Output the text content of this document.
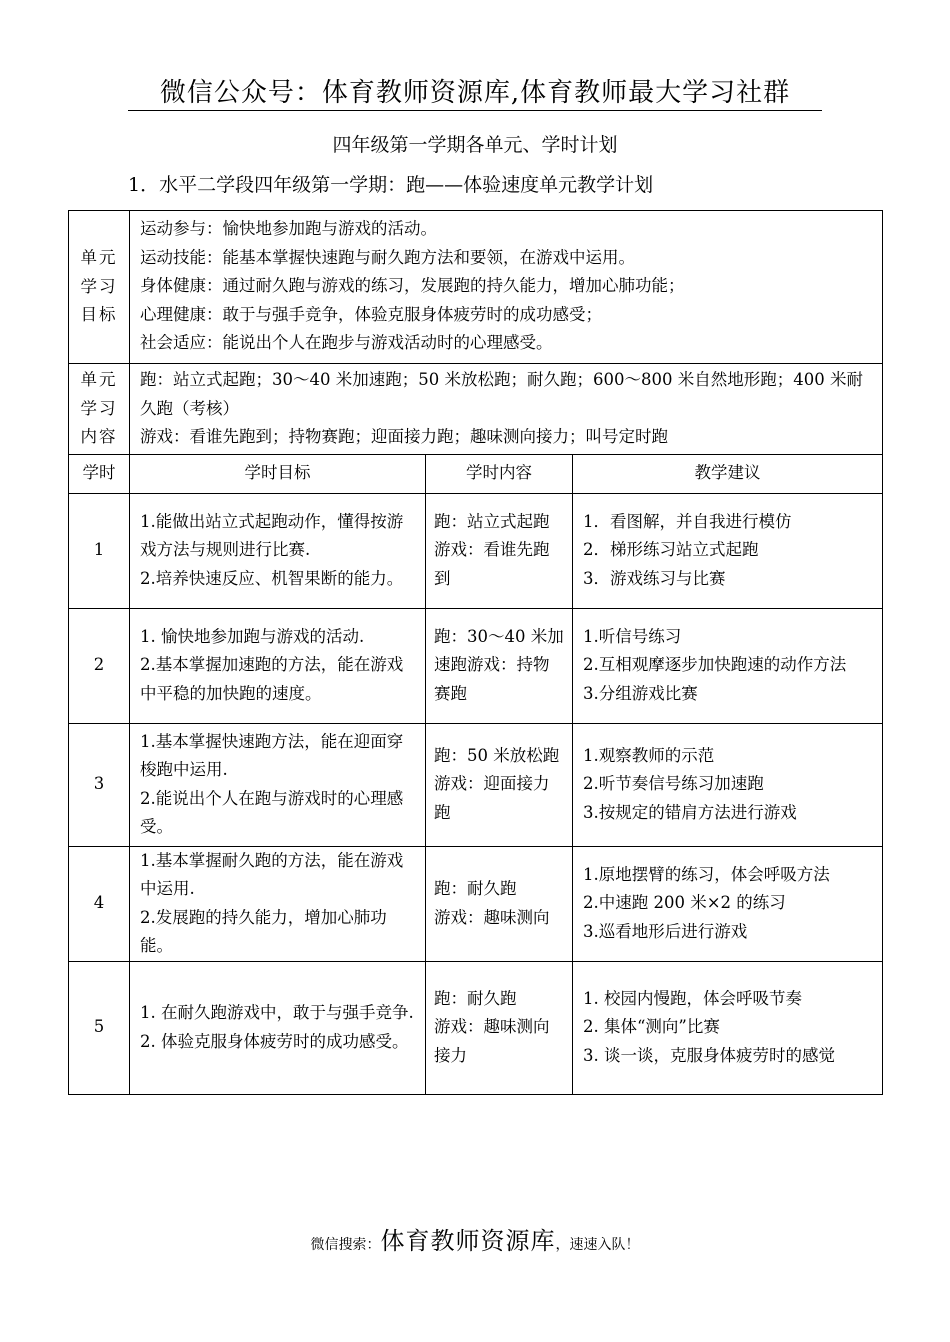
微信公众号：体育教师资源库,体育教师最大学习社群
四年级第一学期各单元、学时计划
1．水平二学段四年级第一学期：跑——体验速度单元教学计划
单元
学习
目标	运动参与：愉快地参加跑与游戏的活动。
运动技能：能基本掌握快速跑与耐久跑方法和要领，在游戏中运用。
身体健康：通过耐久跑与游戏的练习，发展跑的持久能力，增加心肺功能；
心理健康：敢于与强手竞争，体验克服身体疲劳时的成功感受；
社会适应：能说出个人在跑步与游戏活动时的心理感受。		

单元
学习
内容	跑：站立式起跑；30～40 米加速跑；50 米放松跑；耐久跑；600～800 米自然地形跑；400 米耐久跑（考核）
游戏：看谁先跑到；持物赛跑；迎面接力跑；趣味测向接力；叫号定时跑		

学时	学时目标	学时内容	教学建议
1	1.能做出站立式起跑动作，懂得按游戏方法与规则进行比赛.
2.培养快速反应、机智果断的能力。	跑：站立式起跑
游戏：看谁先跑到	1．看图解，并自我进行模仿
2．梯形练习站立式起跑
3．游戏练习与比赛

2	1. 愉快地参加跑与游戏的活动.
2.基本掌握加速跑的方法，能在游戏中平稳的加快跑的速度。	跑：30～40 米加速跑游戏：持物赛跑	1.听信号练习
2.互相观摩逐步加快跑速的动作方法
3.分组游戏比赛

3	1.基本掌握快速跑方法，能在迎面穿梭跑中运用.
2.能说出个人在跑与游戏时的心理感受。	跑：50 米放松跑
游戏：迎面接力跑	1.观察教师的示范
2.听节奏信号练习加速跑
3.按规定的错肩方法进行游戏

4	1.基本掌握耐久跑的方法，能在游戏中运用.
2.发展跑的持久能力，增加心肺功能。	跑：耐久跑
游戏：趣味测向	1.原地摆臂的练习，体会呼吸方法
2.中速跑 200 米×2 的练习
3.巡看地形后进行游戏

5	1. 在耐久跑游戏中，敢于与强手竞争.
2. 体验克服身体疲劳时的成功感受。	跑：耐久跑
游戏：趣味测向接力	1. 校园内慢跑，体会呼吸节奏
2. 集体“测向”比赛
3. 谈一谈，克服身体疲劳时的感觉
微信搜索：体育教师资源库，速速入队！
